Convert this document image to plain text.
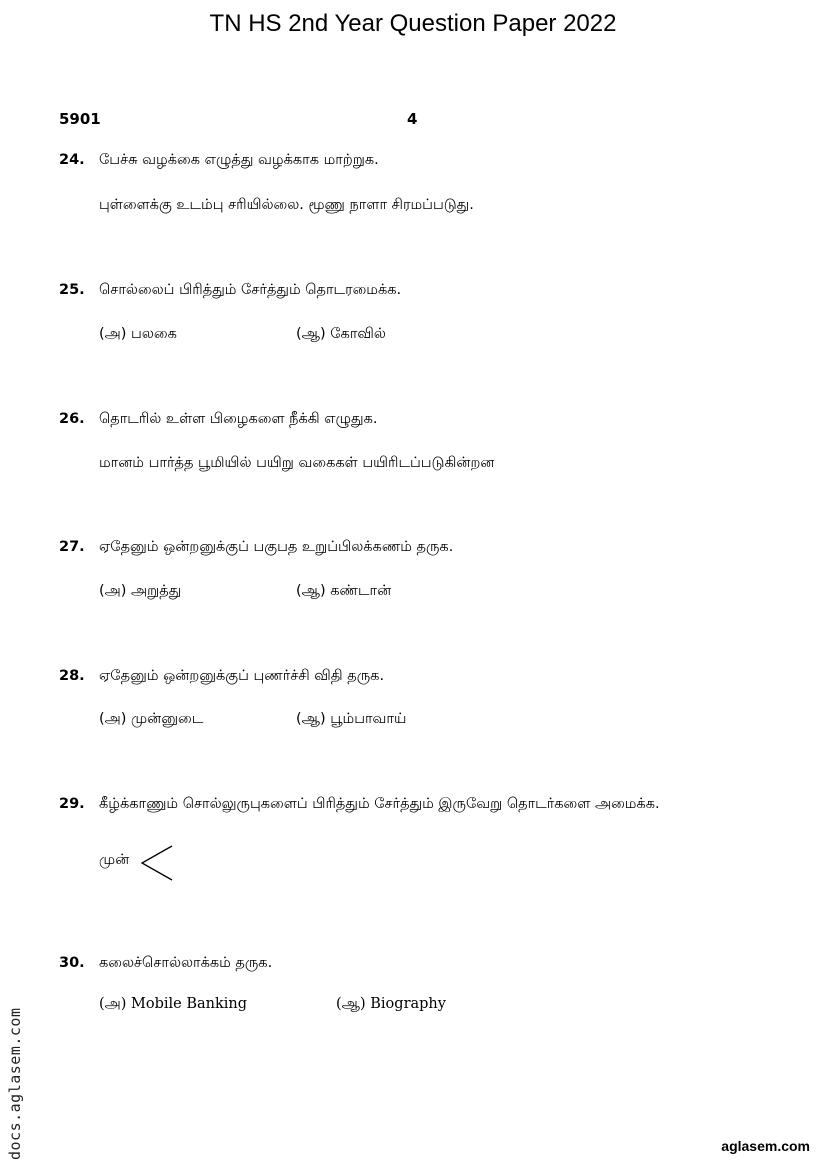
TN HS 2nd Year Question Paper 2022
5901	4
24. பேச்சு வழக்கை எழுத்து வழக்காக மாற்றுக.
புள்ளைக்கு உடம்பு சரியில்லை. மூணு நாளா சிரமப்படுது.
25. சொல்லைப் பிரித்தும் சேர்த்தும் தொடரமைக்க.
(அ) பலகை	(ஆ) கோவில்
26. தொடரில் உள்ள பிழைகளை நீக்கி எழுதுக.
மானம் பார்த்த பூமியில் பயிறு வகைகள் பயிரிடப்படுகின்றன
27. ஏதேனும் ஒன்றனுக்குப் பகுபத உறுப்பிலக்கணம் தருக.
(அ) அறுத்து	(ஆ) கண்டான்
28. ஏதேனும் ஒன்றனுக்குப் புணர்ச்சி விதி தருக.
(அ) முன்னுடை	(ஆ) பூம்பாவாய்
29. கீழ்க்காணும் சொல்லுருபுகளைப் பிரித்தும் சேர்த்தும் இருவேறு தொடர்களை அமைக்க.
முன்
30. கலைச்சொல்லாக்கம் தருக.
(அ) Mobile Banking	(ஆ) Biography
docs.aglasem.com	aglasem.com
